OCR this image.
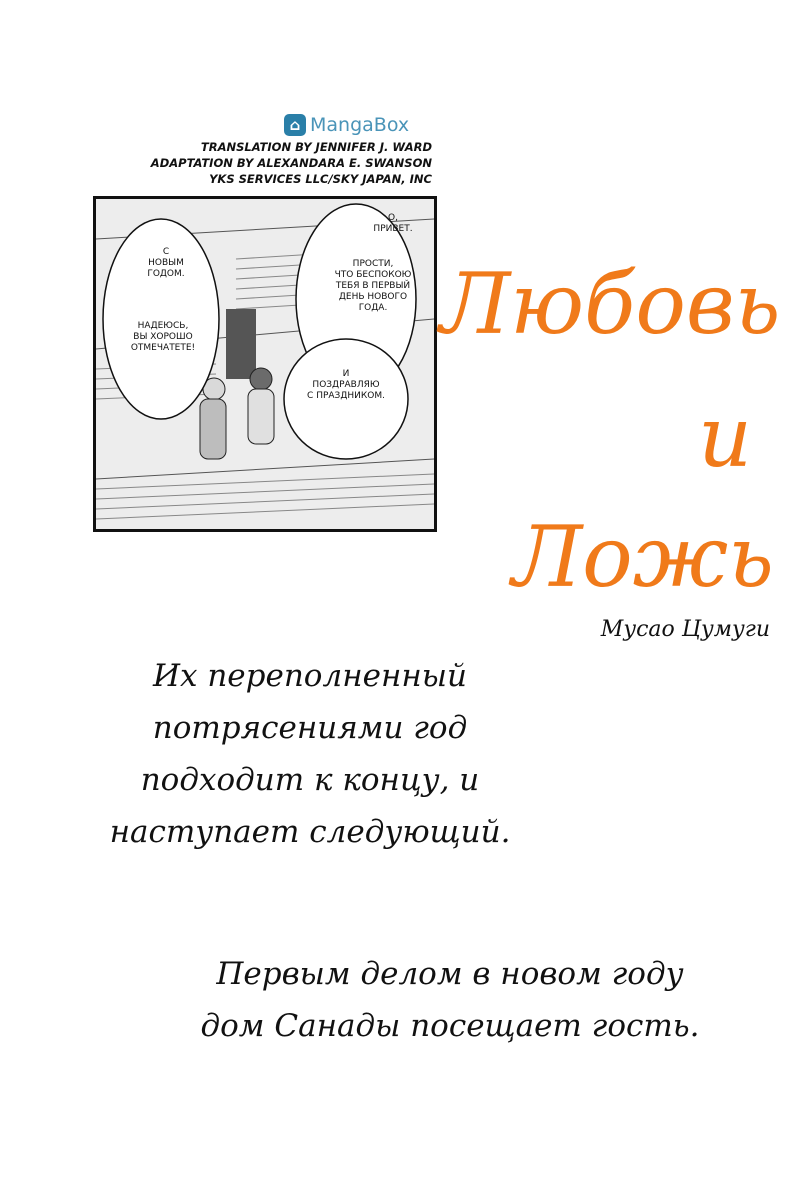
⌂ MangaBox
TRANSLATION BY JENNIFER J. WARD
ADAPTATION BY ALEXANDARA E. SWANSON
YKS SERVICES LLC/SKY JAPAN, INC
С
НОВЫМ
ГОДОМ.
НАДЕЮСЬ,
ВЫ ХОРОШО
ОТМЕЧАТЕТЕ!
О,
ПРИВЕТ.
ПРОСТИ,
ЧТО БЕСПОКОЮ
ТЕБЯ В ПЕРВЫЙ
ДЕНЬ НОВОГО
ГОДА.
И
ПОЗДРАВЛЯЮ
С ПРАЗДНИКОМ.
Любовь
и
Ложь
Мусао Цумуги
Их переполненный
потрясениями год
подходит к концу, и
наступает следующий.
Первым делом в новом году
дом Санады посещает гость.
